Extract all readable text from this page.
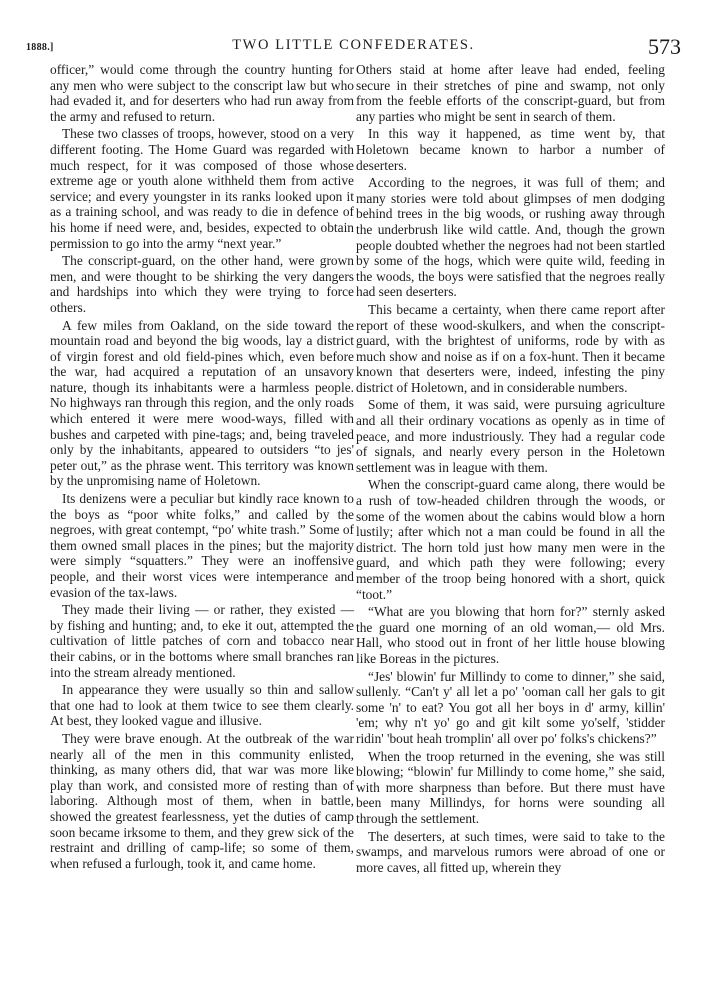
1888.]	TWO LITTLE CONFEDERATES.	573

officer,” would come through the country hunting for any men who were subject to the conscript law but who had evaded it, and for deserters who had run away from the army and refused to return.

These two classes of troops, however, stood on a very different footing. The Home Guard was regarded with much respect, for it was composed of those whose extreme age or youth alone withheld them from active service; and every youngster in its ranks looked upon it as a training school, and was ready to die in defence of his home if need were, and, besides, expected to obtain permission to go into the army “next year.”

The conscript-guard, on the other hand, were grown men, and were thought to be shirking the very dangers and hardships into which they were trying to force others.

A few miles from Oakland, on the side toward the mountain road and beyond the big woods, lay a district of virgin forest and old field-pines which, even before the war, had acquired a reputation of an unsavory nature, though its inhabitants were a harmless people. No highways ran through this region, and the only roads which entered it were mere wood-ways, filled with bushes and carpeted with pine-tags; and, being traveled only by the inhabitants, appeared to outsiders “to jes' peter out,” as the phrase went. This territory was known by the unpromising name of Holetown.

Its denizens were a peculiar but kindly race known to the boys as “poor white folks,” and called by the negroes, with great contempt, “po' white trash.” Some of them owned small places in the pines; but the majority were simply “squatters.” They were an inoffensive people, and their worst vices were intemperance and evasion of the tax-laws.

They made their living — or rather, they existed — by fishing and hunting; and, to eke it out, attempted the cultivation of little patches of corn and tobacco near their cabins, or in the bottoms where small branches ran into the stream already mentioned.

In appearance they were usually so thin and sallow that one had to look at them twice to see them clearly. At best, they looked vague and illusive.

They were brave enough. At the outbreak of the war nearly all of the men in this community enlisted, thinking, as many others did, that war was more like play than work, and consisted more of resting than of laboring. Although most of them, when in battle, showed the greatest fearlessness, yet the duties of camp soon became irksome to them, and they grew sick of the restraint and drilling of camp-life; so some of them, when refused a furlough, took it, and came home.

Others staid at home after leave had ended, feeling secure in their stretches of pine and swamp, not only from the feeble efforts of the conscript-guard, but from any parties who might be sent in search of them.

In this way it happened, as time went by, that Holetown became known to harbor a number of deserters.

According to the negroes, it was full of them; and many stories were told about glimpses of men dodging behind trees in the big woods, or rushing away through the underbrush like wild cattle. And, though the grown people doubted whether the negroes had not been startled by some of the hogs, which were quite wild, feeding in the woods, the boys were satisfied that the negroes really had seen deserters.

This became a certainty, when there came report after report of these wood-skulkers, and when the conscript-guard, with the brightest of uniforms, rode by with as much show and noise as if on a fox-hunt. Then it became known that deserters were, indeed, infesting the piny district of Holetown, and in considerable numbers.

Some of them, it was said, were pursuing agriculture and all their ordinary vocations as openly as in time of peace, and more industriously. They had a regular code of signals, and nearly every person in the Holetown settlement was in league with them.

When the conscript-guard came along, there would be a rush of tow-headed children through the woods, or some of the women about the cabins would blow a horn lustily; after which not a man could be found in all the district. The horn told just how many men were in the guard, and which path they were following; every member of the troop being honored with a short, quick “toot.”

“What are you blowing that horn for?” sternly asked the guard one morning of an old woman,— old Mrs. Hall, who stood out in front of her little house blowing like Boreas in the pictures.

“Jes' blowin' fur Millindy to come to dinner,” she said, sullenly. “Can't y' all let a po' 'ooman call her gals to git some 'n' to eat? You got all her boys in d' army, killin' 'em; why n't yo' go and git kilt some yo'self, 'stidder ridin' 'bout heah tromplin' all over po' folks's chickens?”

When the troop returned in the evening, she was still blowing; “blowin' fur Millindy to come home,” she said, with more sharpness than before. But there must have been many Millindys, for horns were sounding all through the settlement.

The deserters, at such times, were said to take to the swamps, and marvelous rumors were abroad of one or more caves, all fitted up, wherein they
